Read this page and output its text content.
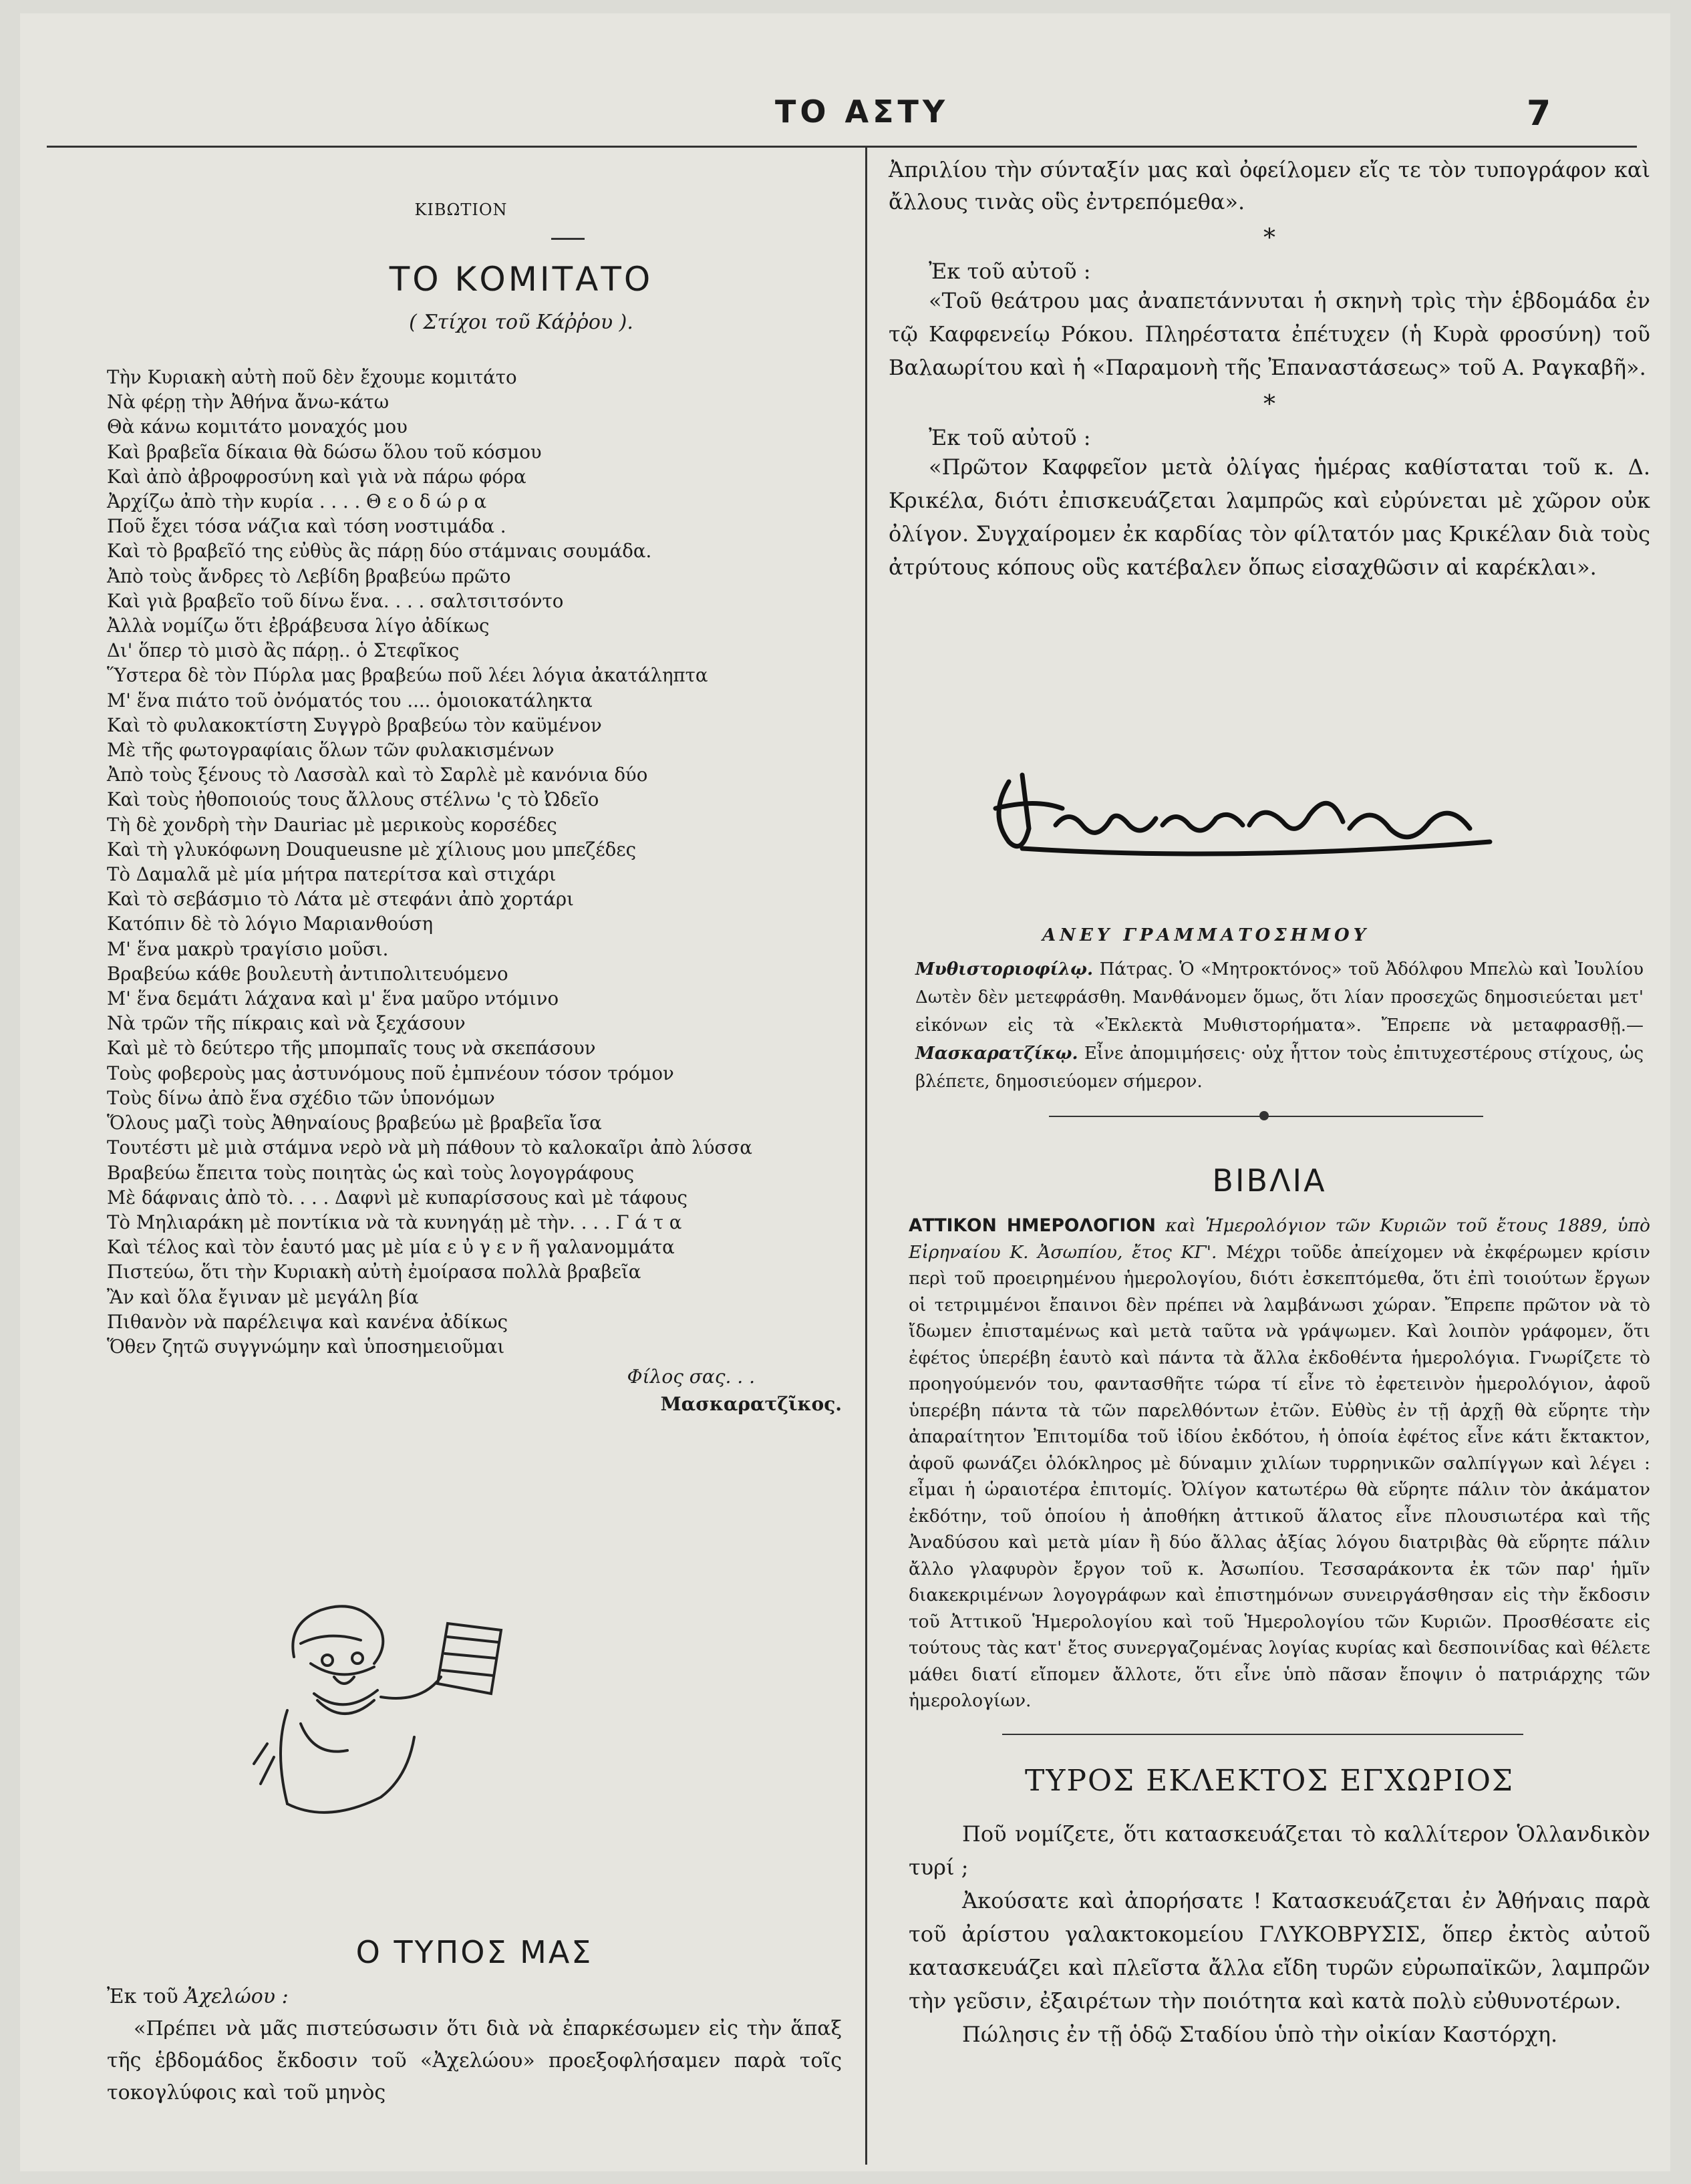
ΤΟ ΑΣΤΥ	7
ΚΙΒΩΤΙΟΝ
ΤΟ ΚΟΜΙΤΑΤΟ
( Στίχοι τοῦ Κάῤῥου ).
Τὴν Κυριακὴ αὐτὴ ποῦ δὲν ἔχουμε κομιτάτο
Νὰ φέρῃ τὴν Ἀθήνα ἄνω-κάτω
Θὰ κάνω κομιτάτο μοναχός μου
Καὶ βραβεῖα δίκαια θὰ δώσω ὅλου τοῦ κόσμου
Καὶ ἀπὸ ἀβροφροσύνη καὶ γιὰ νὰ πάρω φόρα
Ἀρχίζω ἀπὸ τὴν κυρία . . . . Θ ε ο δ ώ ρ α
Ποῦ ἔχει τόσα νάζια καὶ τόση νοστιμάδα .
Καὶ τὸ βραβεῖό της εὐθὺς ἂς πάρῃ δύο στάμναις σουμάδα.
Ἀπὸ τοὺς ἄνδρες τὸ Λεβίδη βραβεύω πρῶτο
Καὶ γιὰ βραβεῖο τοῦ δίνω ἕνα. . . . σαλτσιτσόντο
Ἀλλὰ νομίζω ὅτι ἐβράβευσα λίγο ἀδίκως
Δι' ὅπερ τὸ μισὸ ἂς πάρῃ.. ὁ Στεφῖκος
Ὕστερα δὲ τὸν Πύρλα μας βραβεύω ποῦ λέει λόγια ἀκατάληπτα
Μ' ἕνα πιάτο τοῦ ὀνόματός του .... ὁμοιοκατάληκτα
Καὶ τὸ φυλακοκτίστη Συγγρὸ βραβεύω τὸν καϋμένον
Μὲ τῆς φωτογραφίαις ὅλων τῶν φυλακισμένων
Ἀπὸ τοὺς ξένους τὸ Λασσὰλ καὶ τὸ Σαρλὲ μὲ κανόνια δύο
Καὶ τοὺς ἠθοποιούς τους ἄλλους στέλνω 'ς τὸ Ὠδεῖο
Τὴ δὲ χονδρὴ τὴν Dauriac μὲ μερικοὺς κορσέδες
Καὶ τὴ γλυκόφωνη Douqueusne μὲ χίλιους μου μπεζέδες
Τὸ Δαμαλᾶ μὲ μία μήτρα πατερίτσα καὶ στιχάρι
Καὶ τὸ σεβάσμιο τὸ Λάτα μὲ στεφάνι ἀπὸ χορτάρι
Κατόπιν δὲ τὸ λόγιο Μαριανθούση
Μ' ἕνα μακρὺ τραγίσιο μοῦσι.
Βραβεύω κάθε βουλευτὴ ἀντιπολιτευόμενο
Μ' ἕνα δεμάτι λάχανα καὶ μ' ἕνα μαῦρο ντόμινο
Νὰ τρῶν τῆς πίκραις καὶ νὰ ξεχάσουν
Καὶ μὲ τὸ δεύτερο τῆς μπομπαῖς τους νὰ σκεπάσουν
Τοὺς φοβεροὺς μας ἀστυνόμους ποῦ ἐμπνέουν τόσον τρόμον
Τοὺς δίνω ἀπὸ ἕνα σχέδιο τῶν ὑπονόμων
Ὅλους μαζὶ τοὺς Ἀθηναίους βραβεύω μὲ βραβεῖα ἴσα
Τουτέστι μὲ μιὰ στάμνα νερὸ νὰ μὴ πάθουν τὸ καλοκαῖρι ἀπὸ λύσσα
Βραβεύω ἔπειτα τοὺς ποιητὰς ὡς καὶ τοὺς λογογράφους
Μὲ δάφναις ἀπὸ τὸ. . . . Δαφνὶ μὲ κυπαρίσσους καὶ μὲ τάφους
Τὸ Μηλιαράκη μὲ ποντίκια νὰ τὰ κυνηγάῃ μὲ τὴν. . . . Γ ά τ α
Καὶ τέλος καὶ τὸν ἑαυτό μας μὲ μία ε ὐ γ ε ν ῆ γαλανομμάτα
Πιστεύω, ὅτι τὴν Κυριακὴ αὐτὴ ἐμοίρασα πολλὰ βραβεῖα
Ἂν καὶ ὅλα ἔγιναν μὲ μεγάλη βία
Πιθανὸν νὰ παρέλειψα καὶ κανένα ἀδίκως
Ὅθεν ζητῶ συγγνώμην καὶ ὑποσημειοῦμαι
Φίλος σας. . .
Μασκαρατζῖκος.
Ο ΤΥΠΟΣ ΜΑΣ
Ἐκ τοῦ Ἀχελώου :
«Πρέπει νὰ μᾶς πιστεύσωσιν ὅτι διὰ νὰ ἐπαρκέσωμεν εἰς τὴν ἅπαξ τῆς ἑβδομάδος ἔκδοσιν τοῦ «Ἀχελώου» προεξοφλήσαμεν παρὰ τοῖς τοκογλύφοις καὶ τοῦ μηνὸς
Ἀπριλίου τὴν σύνταξίν μας καὶ ὀφείλομεν εἴς τε τὸν τυπογράφον καὶ ἄλλους τινὰς οὓς ἐντρεπόμεθα».
*
Ἐκ τοῦ αὐτοῦ :
«Τοῦ θεάτρου μας ἀναπετάννυται ἡ σκηνὴ τρὶς τὴν ἑβδομάδα ἐν τῷ Καφφενείῳ Ρόκου. Πληρέστατα ἐπέτυχεν (ἡ Κυρὰ φροσύνη) τοῦ Βαλαωρίτου καὶ ἡ «Παραμονὴ τῆς Ἐπαναστάσεως» τοῦ Α. Ραγκαβῆ».
*
Ἐκ τοῦ αὐτοῦ :
«Πρῶτον Καφφεῖον μετὰ ὀλίγας ἡμέρας καθίσταται τοῦ κ. Δ. Κρικέλα, διότι ἐπισκευάζεται λαμπρῶς καὶ εὐρύνεται μὲ χῶρον οὐκ ὀλίγον. Συγχαίρομεν ἐκ καρδίας τὸν φίλτατόν μας Κρικέλαν διὰ τοὺς ἀτρύτους κόπους οὓς κατέβαλεν ὅπως εἰσαχθῶσιν αἱ καρέκλαι».
ΑΝΕΥ ΓΡΑΜΜΑΤΟΣΗΜΟΥ
Μυθιστοριοφίλῳ. Πάτρας. Ὁ «Μητροκτόνος» τοῦ Ἀδόλφου Μπελὼ καὶ Ἰουλίου Δωτὲν δὲν μετεφράσθη. Μανθάνομεν ὅμως, ὅτι λίαν προσεχῶς δημοσιεύεται μετ' εἰκόνων εἰς τὰ «Ἐκλεκτὰ Μυθιστορήματα». Ἔπρεπε νὰ μεταφρασθῇ.—Μασκαρατζίκῳ. Εἶνε ἀπομιμήσεις· οὐχ ἧττον τοὺς ἐπιτυχεστέρους στίχους, ὡς βλέπετε, δημοσιεύομεν σήμερον.
ΒΙΒΛΙΑ
ΑΤΤΙΚΟΝ ΗΜΕΡΟΛΟΓΙΟΝ καὶ Ἡμερολόγιον τῶν Κυριῶν τοῦ ἔτους 1889, ὑπὸ Εἰρηναίου Κ. Ἀσωπίου, ἔτος ΚΓ'. Μέχρι τοῦδε ἀπείχομεν νὰ ἐκφέρωμεν κρίσιν περὶ τοῦ προειρημένου ἡμερολογίου, διότι ἐσκεπτόμεθα, ὅτι ἐπὶ τοιούτων ἔργων οἱ τετριμμένοι ἔπαινοι δὲν πρέπει νὰ λαμβάνωσι χώραν. Ἔπρεπε πρῶτον νὰ τὸ ἴδωμεν ἐπισταμένως καὶ μετὰ ταῦτα νὰ γράψωμεν. Καὶ λοιπὸν γράφομεν, ὅτι ἐφέτος ὑπερέβη ἑαυτὸ καὶ πάντα τὰ ἄλλα ἐκδοθέντα ἡμερολόγια. Γνωρίζετε τὸ προηγούμενόν του, φαντασθῆτε τώρα τί εἶνε τὸ ἐφετεινὸν ἡμερολόγιον, ἀφοῦ ὑπερέβη πάντα τὰ τῶν παρελθόντων ἐτῶν. Εὐθὺς ἐν τῇ ἀρχῇ θὰ εὕρητε τὴν ἀπαραίτητον Ἐπιτομίδα τοῦ ἰδίου ἐκδότου, ἡ ὁποία ἐφέτος εἶνε κάτι ἔκτακτον, ἀφοῦ φωνάζει ὁλόκληρος μὲ δύναμιν χιλίων τυρρηνικῶν σαλπίγγων καὶ λέγει : εἶμαι ἡ ὡραιοτέρα ἐπιτομίς. Ὀλίγον κατωτέρω θὰ εὕρητε πάλιν τὸν ἀκάματον ἐκδότην, τοῦ ὁποίου ἡ ἀποθήκη ἀττικοῦ ἅλατος εἶνε πλουσιωτέρα καὶ τῆς Ἀναδύσου καὶ μετὰ μίαν ἢ δύο ἄλλας ἀξίας λόγου διατριβὰς θὰ εὕρητε πάλιν ἄλλο γλαφυρὸν ἔργον τοῦ κ. Ἀσωπίου. Τεσσαράκοντα ἐκ τῶν παρ' ἡμῖν διακεκριμένων λογογράφων καὶ ἐπιστημόνων συνειργάσθησαν εἰς τὴν ἔκδοσιν τοῦ Ἀττικοῦ Ἡμερολογίου καὶ τοῦ Ἡμερολογίου τῶν Κυριῶν. Προσθέσατε εἰς τούτους τὰς κατ' ἔτος συνεργαζομένας λογίας κυρίας καὶ δεσποινίδας καὶ θέλετε μάθει διατί εἴπομεν ἄλλοτε, ὅτι εἶνε ὑπὸ πᾶσαν ἔποψιν ὁ πατριάρχης τῶν ἡμερολογίων.
ΤΥΡΟΣ ΕΚΛΕΚΤΟΣ ΕΓΧΩΡΙΟΣ

Ποῦ νομίζετε, ὅτι κατασκευάζεται τὸ καλλίτερον Ὁλλανδικὸν τυρί ;

Ἀκούσατε καὶ ἀπορήσατε ! Κατασκευάζεται ἐν Ἀθήναις παρὰ τοῦ ἀρίστου γαλακτοκομείου ΓΛΥΚΟΒΡΥΣΙΣ, ὅπερ ἐκτὸς αὐτοῦ κατασκευάζει καὶ πλεῖστα ἄλλα εἴδη τυρῶν εὐρωπαϊκῶν, λαμπρῶν τὴν γεῦσιν, ἐξαιρέτων τὴν ποιότητα καὶ κατὰ πολὺ εὐθυνοτέρων.

Πώλησις ἐν τῇ ὁδῷ Σταδίου ὑπὸ τὴν οἰκίαν Καστόρχη.
